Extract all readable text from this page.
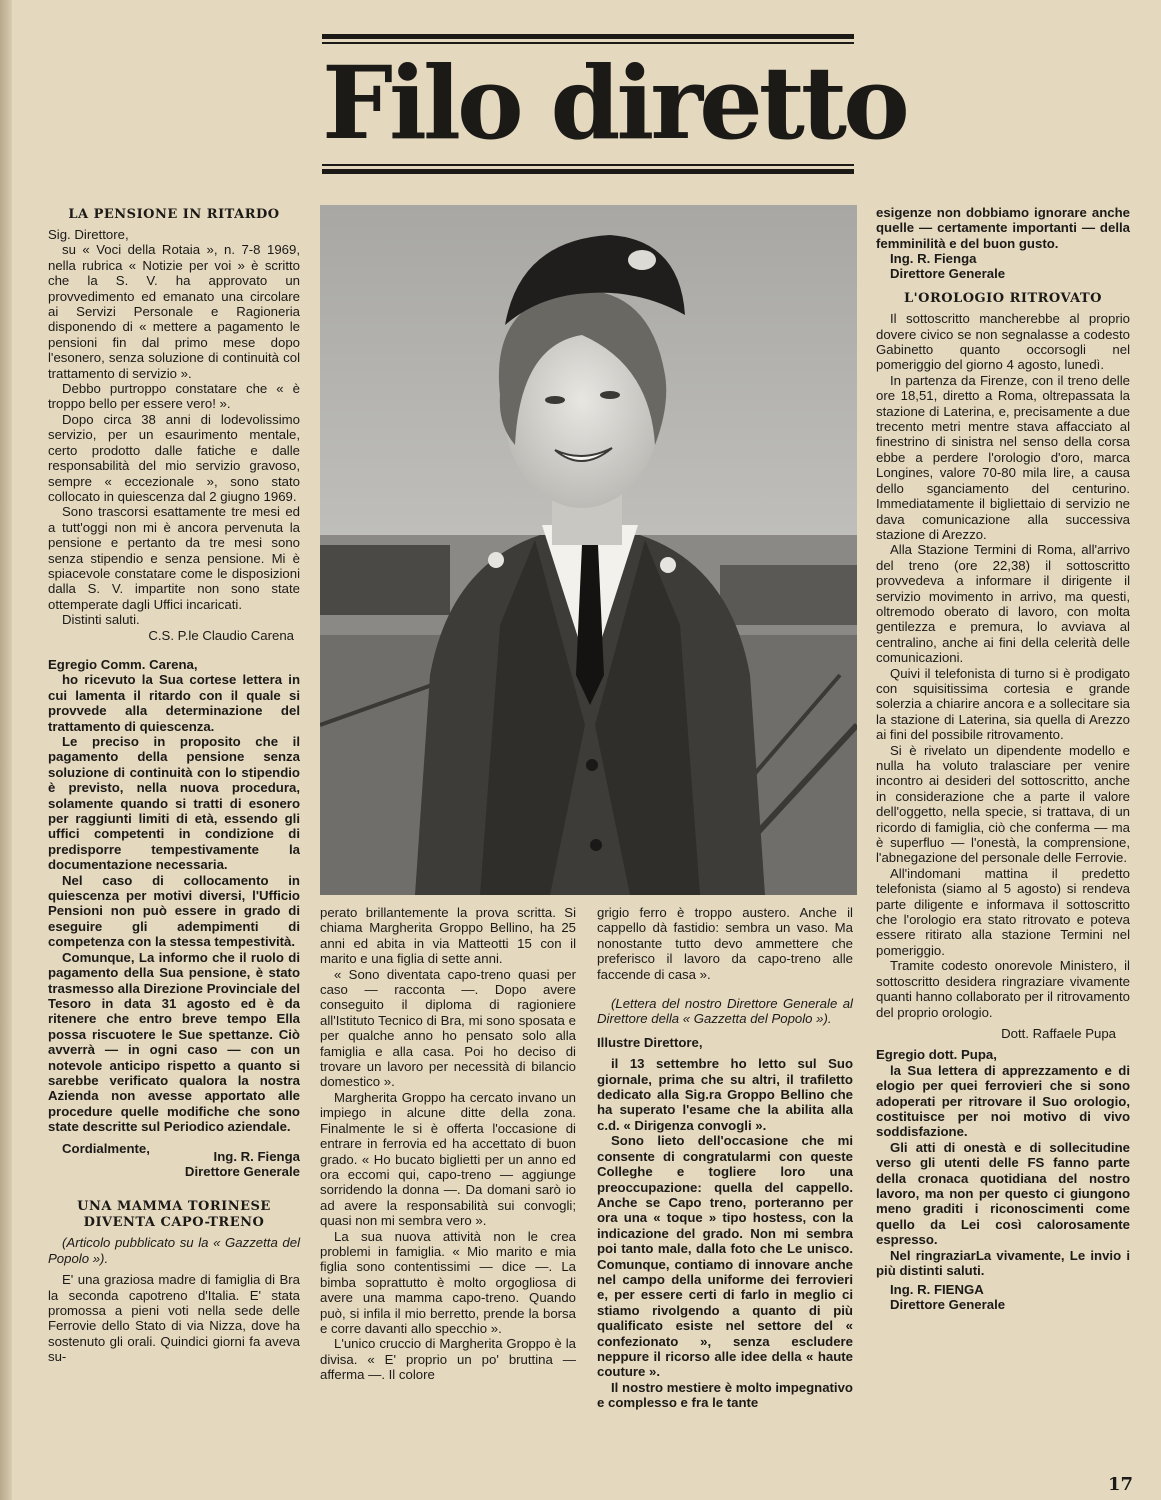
Filo diretto
LA PENSIONE IN RITARDO

Sig. Direttore,

su « Voci della Rotaia », n. 7-8 1969, nella rubrica « Notizie per voi » è scritto che la S. V. ha approvato un provvedimento ed emanato una circolare ai Servizi Personale e Ragioneria disponendo di « mettere a pagamento le pensioni fin dal primo mese dopo l'esonero, senza soluzione di continuità col trattamento di servizio ».

Debbo purtroppo constatare che « è troppo bello per essere vero! ».

Dopo circa 38 anni di lodevolissimo servizio, per un esaurimento mentale, certo prodotto dalle fatiche e dalle responsabilità del mio servizio gravoso, sempre « eccezionale », sono stato collocato in quiescenza dal 2 giugno 1969.

Sono trascorsi esattamente tre mesi ed a tutt'oggi non mi è ancora pervenuta la pensione e pertanto da tre mesi sono senza stipendio e senza pensione. Mi è spiacevole constatare come le disposizioni dalla S. V. impartite non sono state ottemperate dagli Uffici incaricati.

Distinti saluti.

C.S. P.le Claudio Carena

Egregio Comm. Carena,

ho ricevuto la Sua cortese lettera in cui lamenta il ritardo con il quale si provvede alla determinazione del trattamento di quiescenza.

Le preciso in proposito che il pagamento della pensione senza soluzione di continuità con lo stipendio è previsto, nella nuova procedura, solamente quando si tratti di esonero per raggiunti limiti di età, essendo gli uffici competenti in condizione di predisporre tempestivamente la documentazione necessaria.

Nel caso di collocamento in quiescenza per motivi diversi, l'Ufficio Pensioni non può essere in grado di eseguire gli adempimenti di competenza con la stessa tempestività.

Comunque, La informo che il ruolo di pagamento della Sua pensione, è stato trasmesso alla Direzione Provinciale del Tesoro in data 31 agosto ed è da ritenere che entro breve tempo Ella possa riscuotere le Sue spettanze. Ciò avverrà — in ogni caso — con un notevole anticipo rispetto a quanto si sarebbe verificato qualora la nostra Azienda non avesse apportato alle procedure quelle modifiche che sono state descritte sul Periodico aziendale.

Cordialmente,
Ing. R. Fienga
Direttore Generale
UNA MAMMA TORINESE DIVENTA CAPO-TRENO

(Articolo pubblicato su la « Gazzetta del Popolo »).

E' una graziosa madre di famiglia di Bra la seconda capotreno d'Italia. E' stata promossa a pieni voti nella sede delle Ferrovie dello Stato di via Nizza, dove ha sostenuto gli orali. Quindici giorni fa aveva su-

perato brillantemente la prova scritta. Si chiama Margherita Groppo Bellino, ha 25 anni ed abita in via Matteotti 15 con il marito e una figlia di sette anni.

« Sono diventata capo-treno quasi per caso — racconta —. Dopo avere conseguito il diploma di ragioniere all'Istituto Tecnico di Bra, mi sono sposata e per qualche anno ho pensato solo alla famiglia e alla casa. Poi ho deciso di trovare un lavoro per necessità di bilancio domestico ».

Margherita Groppo ha cercato invano un impiego in alcune ditte della zona. Finalmente le si è offerta l'occasione di entrare in ferrovia ed ha accettato di buon grado. « Ho bucato biglietti per un anno ed ora eccomi qui, capo-treno — aggiunge sorridendo la donna —. Da domani sarò io ad avere la responsabilità sui convogli; quasi non mi sembra vero ».

La sua nuova attività non le crea problemi in famiglia. « Mio marito e mia figlia sono contentissimi — dice —. La bimba soprattutto è molto orgogliosa di avere una mamma capo-treno. Quando può, si infila il mio berretto, prende la borsa e corre davanti allo specchio ».

L'unico cruccio di Margherita Groppo è la divisa. « E' proprio un po' bruttina — afferma —. Il colore

grigio ferro è troppo austero. Anche il cappello dà fastidio: sembra un vaso. Ma nonostante tutto devo ammettere che preferisco il lavoro da capo-treno alle faccende di casa ».

(Lettera del nostro Direttore Generale al Direttore della « Gazzetta del Popolo »).

Illustre Direttore,

il 13 settembre ho letto sul Suo giornale, prima che su altri, il trafiletto dedicato alla Sig.ra Groppo Bellino che ha superato l'esame che la abilita alla c.d. « Dirigenza convogli ».

Sono lieto dell'occasione che mi consente di congratularmi con queste Colleghe e togliere loro una preoccupazione: quella del cappello. Anche se Capo treno, porteranno per ora una « toque » tipo hostess, con la indicazione del grado. Non mi sembra poi tanto male, dalla foto che Le unisco. Comunque, contiamo di innovare anche nel campo della uniforme dei ferrovieri e, per essere certi di farlo in meglio ci stiamo rivolgendo a quanto di più qualificato esiste nel settore del « confezionato », senza escludere neppure il ricorso alle idee della « haute couture ».

Il nostro mestiere è molto impegnativo e complesso e fra le tante

esigenze non dobbiamo ignorare anche quelle — certamente importanti — della femminilità e del buon gusto.

Ing. R. Fienga

Direttore Generale

L'OROLOGIO RITROVATO

Il sottoscritto mancherebbe al proprio dovere civico se non segnalasse a codesto Gabinetto quanto occorsogli nel pomeriggio del giorno 4 agosto, lunedì.

In partenza da Firenze, con il treno delle ore 18,51, diretto a Roma, oltrepassata la stazione di Laterina, e, precisamente a due trecento metri mentre stava affacciato al finestrino di sinistra nel senso della corsa ebbe a perdere l'orologio d'oro, marca Longines, valore 70-80 mila lire, a causa dello sganciamento del centurino. Immediatamente il bigliettaio di servizio ne dava comunicazione alla successiva stazione di Arezzo.

Alla Stazione Termini di Roma, all'arrivo del treno (ore 22,38) il sottoscritto provvedeva a informare il dirigente il servizio movimento in arrivo, ma questi, oltremodo oberato di lavoro, con molta gentilezza e premura, lo avviava al centralino, anche ai fini della celerità delle comunicazioni.

Quivi il telefonista di turno si è prodigato con squisitissima cortesia e grande solerzia a chiarire ancora e a sollecitare sia la stazione di Laterina, sia quella di Arezzo ai fini del possibile ritrovamento.

Si è rivelato un dipendente modello e nulla ha voluto tralasciare per venire incontro ai desideri del sottoscritto, anche in considerazione che a parte il valore dell'oggetto, nella specie, si trattava, di un ricordo di famiglia, ciò che conferma — ma è superfluo — l'onestà, la comprensione, l'abnegazione del personale delle Ferrovie.

All'indomani mattina il predetto telefonista (siamo al 5 agosto) si rendeva parte diligente e informava il sottoscritto che l'orologio era stato ritrovato e poteva essere ritirato alla stazione Termini nel pomeriggio.

Tramite codesto onorevole Ministero, il sottoscritto desidera ringraziare vivamente quanti hanno collaborato per il ritrovamento del proprio orologio.

Dott. Raffaele Pupa

Egregio dott. Pupa,

la Sua lettera di apprezzamento e di elogio per quei ferrovieri che si sono adoperati per ritrovare il Suo orologio, costituisce per noi motivo di vivo soddisfazione.

Gli atti di onestà e di sollecitudine verso gli utenti delle FS fanno parte della cronaca quotidiana del nostro lavoro, ma non per questo ci giungono meno graditi i riconoscimenti come quello da Lei così calorosamente espresso.

Nel ringraziarLa vivamente, Le invio i più distinti saluti.

Ing. R. FIENGA

Direttore Generale

17
